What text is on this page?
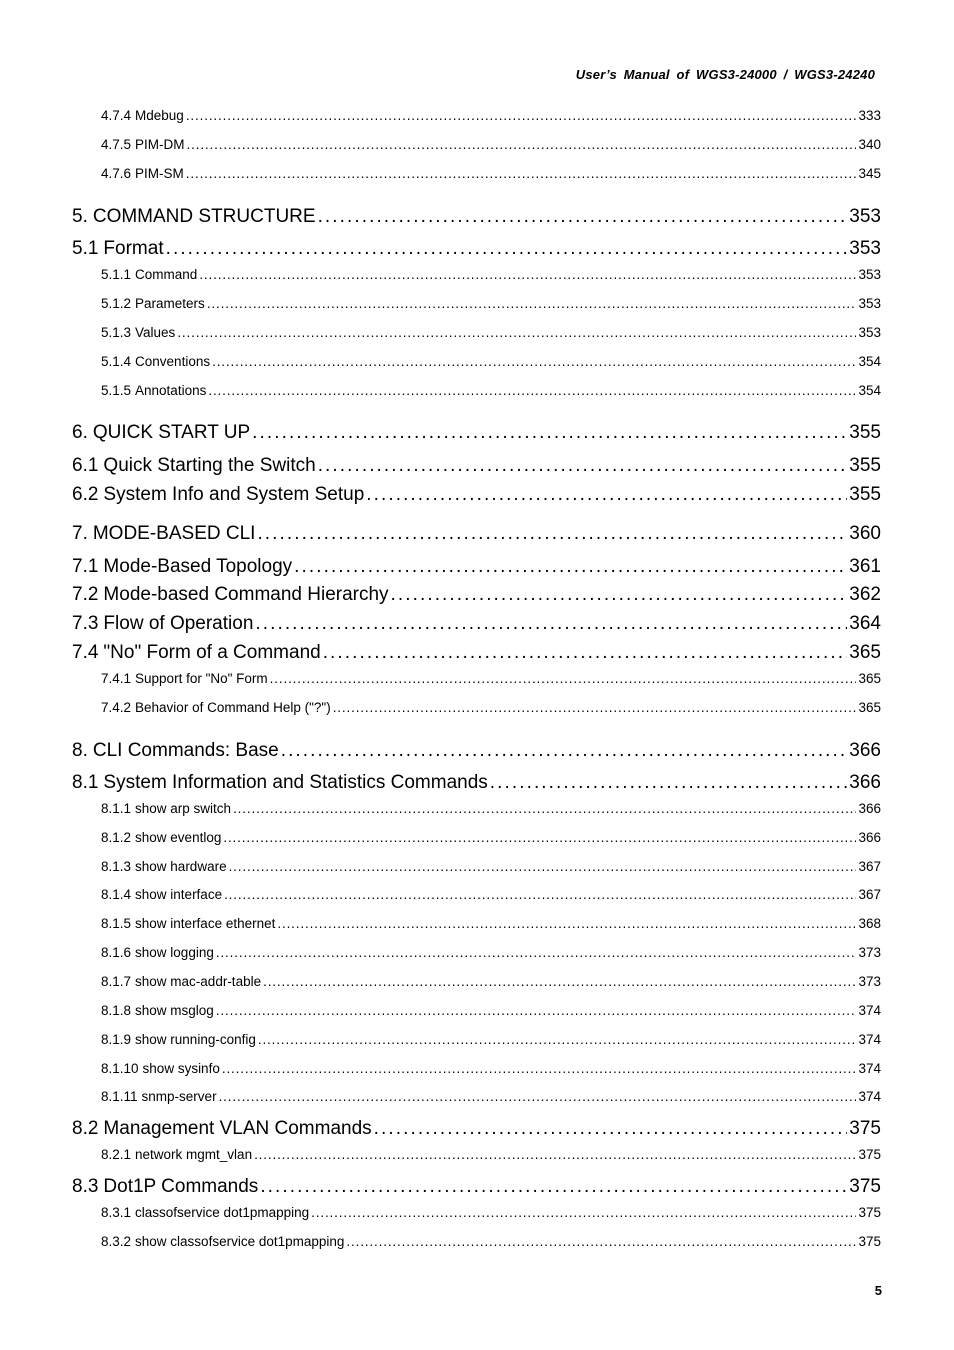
User’s Manual of WGS3-24000 / WGS3-24240
4.7.4 Mdebug . . .	333
4.7.5 PIM-DM . . .	340
4.7.6 PIM-SM . . .	345
5. COMMAND STRUCTURE . . .	353
5.1 Format . . .	353
5.1.1 Command . . .	353
5.1.2 Parameters . . .	353
5.1.3 Values . . .	353
5.1.4 Conventions . . .	354
5.1.5 Annotations . . .	354
6. QUICK START UP . . .	355
6.1 Quick Starting the Switch . . .	355
6.2 System Info and System Setup . . .	355
7. MODE-BASED CLI . . .	360
7.1 Mode-Based Topology . . .	361
7.2 Mode-based Command Hierarchy . . .	362
7.3 Flow of Operation . . .	364
7.4 "No" Form of a Command . . .	365
7.4.1 Support for "No" Form . . .	365
7.4.2 Behavior of Command Help ("?") . . .	365
8. CLI Commands: Base . . .	366
8.1 System Information and Statistics Commands . . .	366
8.1.1 show arp switch . . .	366
8.1.2 show eventlog . . .	366
8.1.3 show hardware . . .	367
8.1.4 show interface . . .	367
8.1.5 show interface ethernet . . .	368
8.1.6 show logging . . .	373
8.1.7 show mac-addr-table . . .	373
8.1.8 show msglog . . .	374
8.1.9 show running-config . . .	374
8.1.10 show sysinfo . . .	374
8.1.11 snmp-server . . .	374
8.2 Management VLAN Commands . . .	375
8.2.1 network mgmt_vlan . . .	375
8.3 Dot1P Commands . . .	375
8.3.1 classofservice dot1pmapping . . .	375
8.3.2 show classofservice dot1pmapping . . .	375
5
